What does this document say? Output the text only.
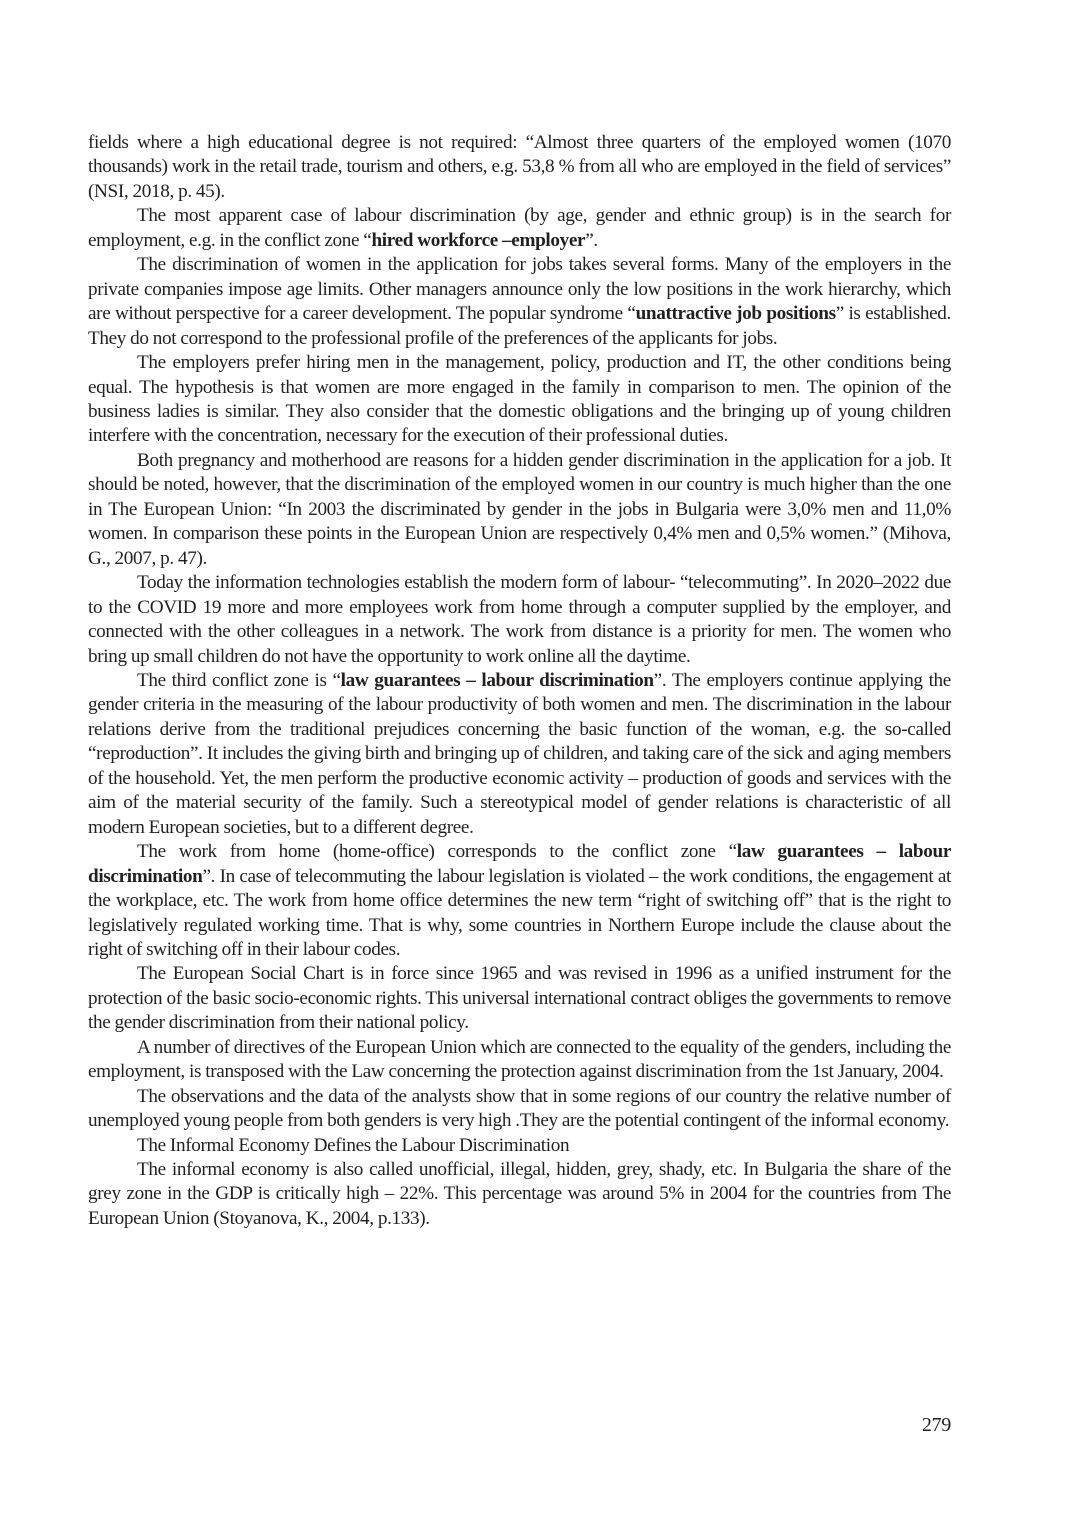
fields where a high educational degree is not required: “Almost three quarters of the employed women (1070 thousands) work in the retail trade, tourism and others, e.g. 53,8 % from all who are employed in the field of services” (NSI, 2018, p. 45).

The most apparent case of labour discrimination (by age, gender and ethnic group) is in the search for employment, e.g. in the conflict zone “hired workforce –employer”.

The discrimination of women in the application for jobs takes several forms. Many of the employers in the private companies impose age limits. Other managers announce only the low positions in the work hierarchy, which are without perspective for a career development. The popular syndrome “unattractive job positions” is established. They do not correspond to the professional profile of the preferences of the applicants for jobs.

The employers prefer hiring men in the management, policy, production and IT, the other conditions being equal. The hypothesis is that women are more engaged in the family in comparison to men. The opinion of the business ladies is similar. They also consider that the domestic obligations and the bringing up of young children interfere with the concentration, necessary for the execution of their professional duties.

Both pregnancy and motherhood are reasons for a hidden gender discrimination in the application for a job. It should be noted, however, that the discrimination of the employed women in our country is much higher than the one in The European Union: “In 2003 the discriminated by gender in the jobs in Bulgaria were 3,0% men and 11,0% women. In comparison these points in the European Union are respectively 0,4% men and 0,5% women.” (Mihova, G., 2007, p. 47).

Today the information technologies establish the modern form of labour- “telecommuting”. In 2020–2022 due to the COVID 19 more and more employees work from home through a computer supplied by the employer, and connected with the other colleagues in a network. The work from distance is a priority for men. The women who bring up small children do not have the opportunity to work online all the daytime.

The third conflict zone is “law guarantees – labour discrimination”. The employers continue applying the gender criteria in the measuring of the labour productivity of both women and men. The discrimination in the labour relations derive from the traditional prejudices concerning the basic function of the woman, e.g. the so-called “reproduction”. It includes the giving birth and bringing up of children, and taking care of the sick and aging members of the household. Yet, the men perform the productive economic activity – production of goods and services with the aim of the material security of the family. Such a stereotypical model of gender relations is characteristic of all modern European societies, but to a different degree.

The work from home (home-office) corresponds to the conflict zone “law guarantees – labour discrimination”. In case of telecommuting the labour legislation is violated – the work conditions, the engagement at the workplace, etc. The work from home office determines the new term “right of switching off” that is the right to legislatively regulated working time. That is why, some countries in Northern Europe include the clause about the right of switching off in their labour codes.

The European Social Chart is in force since 1965 and was revised in 1996 as a unified instrument for the protection of the basic socio-economic rights. This universal international contract obliges the governments to remove the gender discrimination from their national policy.

A number of directives of the European Union which are connected to the equality of the genders, including the employment, is transposed with the Law concerning the protection against discrimination from the 1st January, 2004.

The observations and the data of the analysts show that in some regions of our country the relative number of unemployed young people from both genders is very high .They are the potential contingent of the informal economy.

The Informal Economy Defines the Labour Discrimination

The informal economy is also called unofficial, illegal, hidden, grey, shady, etc. In Bulgaria the share of the grey zone in the GDP is critically high – 22%. This percentage was around 5% in 2004 for the countries from The European Union (Stoyanova, K., 2004, p.133).

279
